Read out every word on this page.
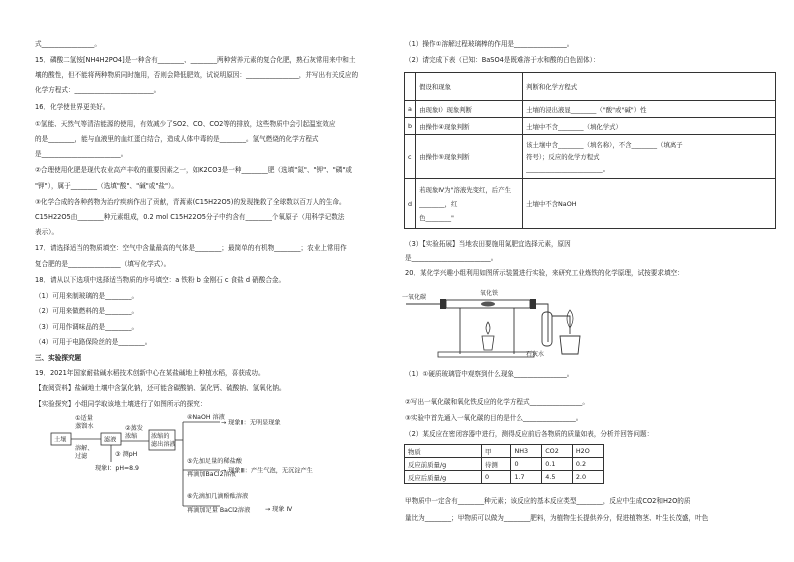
式________________。
15．磷酸二氢铵[NH4H2PO4]是一种含有________、________两种营养元素的复合化肥，熟石灰常用来中和土
壤的酸性，但不能将两种物质同时施用，否则会降低肥效，试说明原因：________________，并写出有关反应的
化学方程式：________________________。
16．化学使世界更美好。
①氢能、天然气等清洁能源的使用，有效减少了SO2、CO、CO2等的排放，这些物质中会引起温室效应
的是________，能与血液里的血红蛋白结合，造成人体中毒的是________。氢气燃烧的化学方程式
是________________________。
②合理使用化肥是现代农业高产丰收的重要因素之一，如K2CO3是一种________肥（选填"氮"、"钾"、"磷"或
"钾"），属于________（选填"酸"、"碱"或"盐"）。
③化学合成的各种药物为治疗疾病作出了贡献，青蒿素(C15H22O5)的发现挽救了全球数以百万人的生命。
C15H22O5由________种元素组成，0.2 mol C15H22O5分子中约含有________个氧原子（用科学记数法
表示）。
17．请选择适当的物质填空：空气中含量最高的气体是________；最简单的有机物________；农业上常用作
复合肥的是________________（填写化学式）。
18．请从以下选项中选择适当物质的序号填空：a 铁粉 b 金刚石 c 食盐 d 硝酸合金。
（1）可用来制玻璃的是________。
（2）可用来做燃料的是________。
（3）可用作调味品的是________。
（4）可用于电路保险丝的是________。
三、实验探究题
19．2021年国家耐盐碱水稻技术创新中心在某盐碱地上种植水稻，喜获成功。
【查阅资料】盐碱地土壤中含氯化钠，还可能含碳酸钠、氯化钙、硫酸钠、氢氧化钠。
【实验探究】小组同学取该地土壤进行了如图所示的探究：
土壤
①适量
蒸馏水
溶解、
过滤
滤液
②蒸发
浓缩 浓缩的
滤出溶液
③ 测pH
现象Ⅰ：pH=8.9
④NaOH 溶液
→ 现象Ⅱ：无明显现象
⑤先加足量的稀盐酸
再滴加BaCl2溶液
→ 现象Ⅲ：产生气泡，无沉淀产生
⑥先滴加几滴酚酞溶液
再滴加足量 BaCl2溶液 → 现象 Ⅳ
（1）操作①溶解过程玻璃棒的作用是________________。
（2）请完成下表（已知：BaSO4是既难溶于水和酸的白色固体）：
	假设和现象	判断和化学方程式
a	由现象Ⅰ）现象判断	土壤的浸出液显________（"酸"或"碱"）性
b	由操作④现象判断	土壤中不含________（填化学式）
c	由操作⑤现象判断	该土壤中含________（填名称），不含________（填离子
符号）；反应的化学方程式
________________________。

d	若现象Ⅳ为"溶液先变红，后产生
________，红
色________"	土壤中不含NaOH
（3）【实验拓展】当地农田要施用氮肥宜选择元素，原因
是________________________。
20．某化学兴趣小组利用如图所示装置进行实验，来研究工业炼铁的化学原理，试按要求填空：
一氧化碳
氧化铁
石灰水
（1）①硬质玻璃管中观察到什么现象________________。
②写出一氧化碳和氧化铁反应的化学方程式________________。
③实验中首先通入一氧化碳的目的是什么________________。
（2）某反应在密闭容器中进行，测得反应前后各物质的质量如表，分析并回答问题：
物质	甲	NH3	CO2	H2O
反应前质量/g	待测	0	0.1	0.2
反应后质量/g	0	1.7	4.5	2.0
甲物质中一定含有________种元素；该反应的基本反应类型________，反应中生成CO2和H2O的质
量比为________；甲物质可以做为________肥料，为植物生长提供养分，促进植物茎、叶生长茂盛，叶色
